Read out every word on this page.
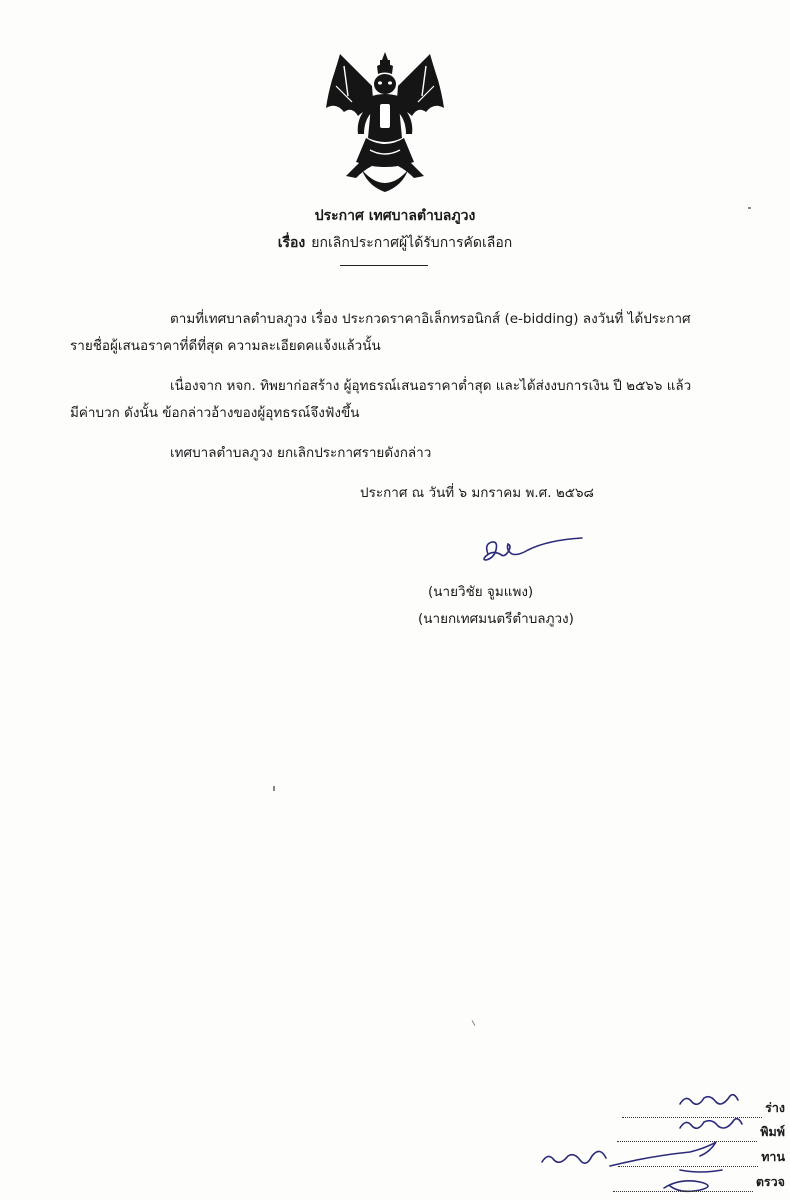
ประกาศ เทศบาลตำบลภูวง
เรื่อง ยกเลิกประกาศผู้ได้รับการคัดเลือก
ตามที่เทศบาลตำบลภูวง เรื่อง ประกวดราคาอิเล็กทรอนิกส์ (e-bidding) ลงวันที่ ได้ประกาศ
รายชื่อผู้เสนอราคาที่ดีที่สุด ความละเอียดคแจ้งแล้วนั้น
เนื่องจาก หจก. ทิพยาก่อสร้าง ผู้อุทธรณ์เสนอราคาต่ำสุด และได้ส่งงบการเงิน ปี ๒๕๖๖ แล้ว
มีค่าบวก ดังนั้น ข้อกล่าวอ้างของผู้อุทธรณ์จึงฟังขึ้น
เทศบาลตำบลภูวง ยกเลิกประกาศรายดังกล่าว
ประกาศ ณ วันที่ ๖ มกราคม พ.ศ. ๒๕๖๘
(นายวิชัย จูมแพง)
(นายกเทศมนตรีตำบลภูวง)
ร่าง
พิมพ์
ทาน
ตรวจ
